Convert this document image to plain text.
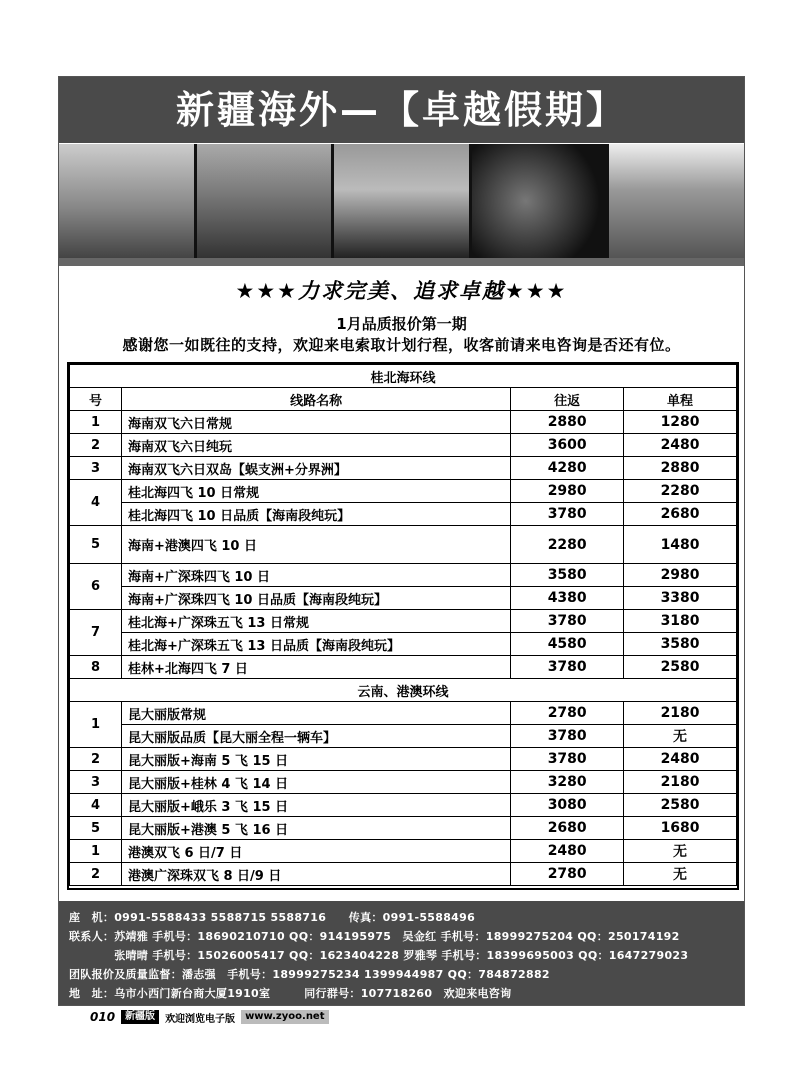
新疆海外—【卓越假期】
★★★力求完美、追求卓越★★★
1月品质报价第一期
感谢您一如既往的支持，欢迎来电索取计划行程，收客前请来电咨询是否还有位。
桂北海环线			
号	线路名称	往返	单程
1	海南双飞六日常规	2880	1280
2	海南双飞六日纯玩	3600	2480
3	海南双飞六日双岛【蜈支洲+分界洲】	4280	2880
4	桂北海四飞 10 日常规	2980	2280
	桂北海四飞 10 日品质【海南段纯玩】	3780	2680
5	海南+港澳四飞 10 日	2280	1480
6	海南+广深珠四飞 10 日	3580	2980
	海南+广深珠四飞 10 日品质【海南段纯玩】	4380	3380
7	桂北海+广深珠五飞 13 日常规	3780	3180
	桂北海+广深珠五飞 13 日品质【海南段纯玩】	4580	3580
8	桂林+北海四飞 7 日	3780	2580
云南、港澳环线			
1	昆大丽版常规	2780	2180
	昆大丽版品质【昆大丽全程一辆车】	3780	无
2	昆大丽版+海南 5 飞 15 日	3780	2480
3	昆大丽版+桂林 4 飞 14 日	3280	2180
4	昆大丽版+峨乐 3 飞 15 日	3080	2580
5	昆大丽版+港澳 5 飞 16 日	2680	1680
1	港澳双飞 6 日/7 日	2480	无
2	港澳广深珠双飞 8 日/9 日	2780	无
座　机：0991-5588433 5588715 5588716　　传真：0991-5588496
联系人：苏靖雅 手机号：18690210710 QQ：914195975　吴金红 手机号：18999275204 QQ：250174192
　　　　张晴晴 手机号：15026005417 QQ：1623404228 罗雅琴 手机号：18399695003 QQ：1647279023
团队报价及质量监督：潘志强　手机号：18999275234 1399944987 QQ：784872882
地　址：乌市小西门新台商大厦1910室　　　同行群号：107718260　欢迎来电咨询
010	新疆版	欢迎浏览电子版	www.zyoo.net
